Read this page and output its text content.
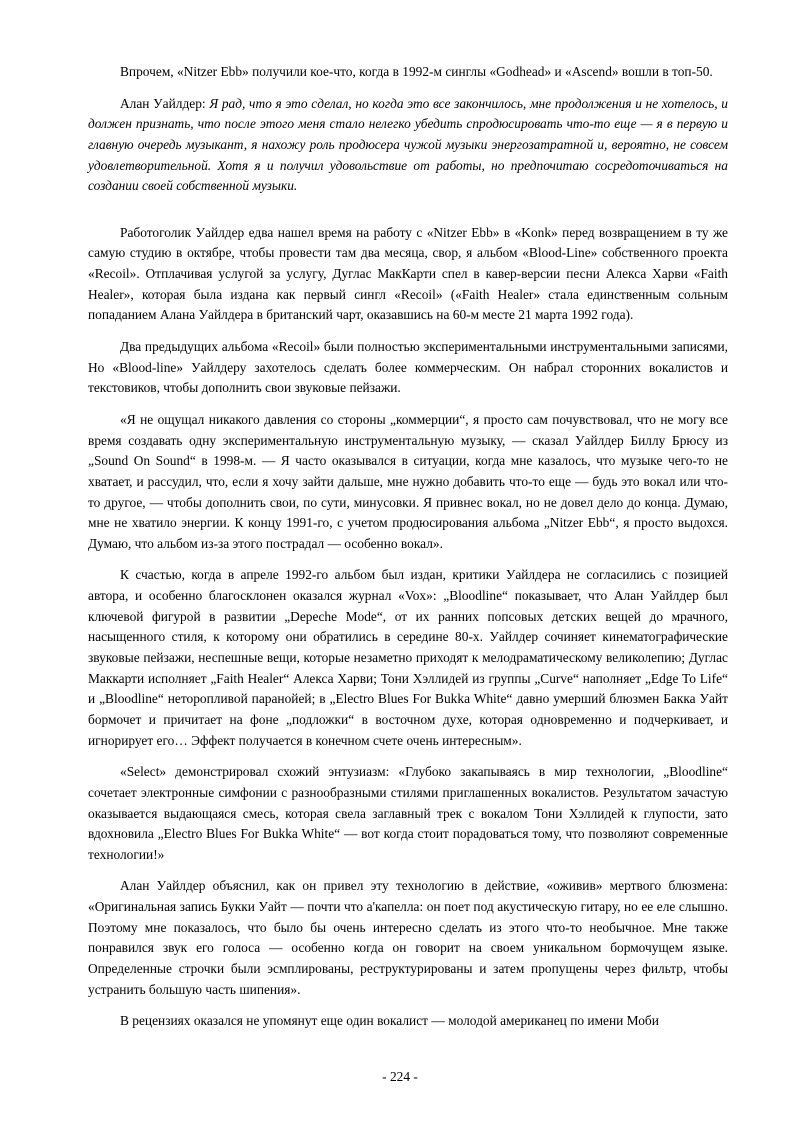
Впрочем, «Nitzer Ebb» получили кое-что, когда в 1992-м синглы «Godhead» и «Ascend» вошли в топ-50.

Алан Уайлдер: Я рад, что я это сделал, но когда это все закончилось, мне продолжения и не хотелось, и должен признать, что после этого меня стало нелегко убедить спродюсировать что-то еще — я в первую и главную очередь музыкант, я нахожу роль продюсера чужой музыки энергозатратной и, вероятно, не совсем удовлетворительной. Хотя я и получил удовольствие от работы, но предпочитаю сосредоточиваться на создании своей собственной музыки.

Работоголик Уайлдер едва нашел время на работу с «Nitzer Ebb» в «Konk» перед возвращением в ту же самую студию в октябре, чтобы провести там два месяца, свор, я альбом «Blood-Line» собственного проекта «Recoil». Отплачивая услугой за услугу, Дуглас МакКарти спел в кавер-версии песни Алекса Харви «Faith Healer», которая была издана как первый сингл «Recoil» («Faith Healer» стала единственным сольным попаданием Алана Уайлдера в британский чарт, оказавшись на 60-м месте 21 марта 1992 года).

Два предыдущих альбома «Recoil» были полностью экспериментальными инструментальными записями, Но «Blood-line» Уайлдеру захотелось сделать более коммерческим. Он набрал сторонних вокалистов и текстовиков, чтобы дополнить свои звуковые пейзажи.

«Я не ощущал никакого давления со стороны „коммерции“, я просто сам почувствовал, что не могу все время создавать одну экспериментальную инструментальную музыку, — сказал Уайлдер Биллу Брюсу из „Sound On Sound“ в 1998-м. — Я часто оказывался в ситуации, когда мне казалось, что музыке чего-то не хватает, и рассудил, что, если я хочу зайти дальше, мне нужно добавить что-то еще — будь это вокал или что-то другое, — чтобы дополнить свои, по сути, минусовки. Я привнес вокал, но не довел дело до конца. Думаю, мне не хватило энергии. К концу 1991-го, с учетом продюсирования альбома „Nitzer Ebb“, я просто выдохся. Думаю, что альбом из-за этого пострадал — особенно вокал».

К счастью, когда в апреле 1992-го альбом был издан, критики Уайлдера не согласились с позицией автора, и особенно благосклонен оказался журнал «Vox»: „Bloodline“ показывает, что Алан Уайлдер был ключевой фигурой в развитии „Depeche Mode“, от их ранних попсовых детских вещей до мрачного, насыщенного стиля, к которому они обратились в середине 80-х. Уайлдер сочиняет кинематографические звуковые пейзажи, неспешные вещи, которые незаметно приходят к мелодраматическому великолепию; Дуглас Маккарти исполняет „Faith Healer“ Алекса Харви; Тони Хэллидей из группы „Curve“ наполняет „Edge To Life“ и „Bloodline“ неторопливой паранойей; в „Electro Blues For Bukka White“ давно умерший блюзмен Бакка Уайт бормочет и причитает на фоне „подложки“ в восточном духе, которая одновременно и подчеркивает, и игнорирует его… Эффект получается в конечном счете очень интересным».

«Select» демонстрировал схожий энтузиазм: «Глубоко закапываясь в мир технологии, „Bloodline“ сочетает электронные симфонии с разнообразными стилями приглашенных вокалистов. Результатом зачастую оказывается выдающаяся смесь, которая свела заглавный трек с вокалом Тони Хэллидей к глупости, зато вдохновила „Electro Blues For Bukka White“ — вот когда стоит порадоваться тому, что позволяют современные технологии!»

Алан Уайлдер объяснил, как он привел эту технологию в действие, «оживив» мертвого блюзмена: «Оригинальная запись Букки Уайт — почти что а'капелла: он поет под акустическую гитару, но ее еле слышно. Поэтому мне показалось, что было бы очень интересно сделать из этого что-то необычное. Мне также понравился звук его голоса — особенно когда он говорит на своем уникальном бормочущем языке. Определенные строчки были эсмплированы, реструктурированы и затем пропущены через фильтр, чтобы устранить большую часть шипения».

В рецензиях оказался не упомянут еще один вокалист — молодой американец по имени Моби

- 224 -
